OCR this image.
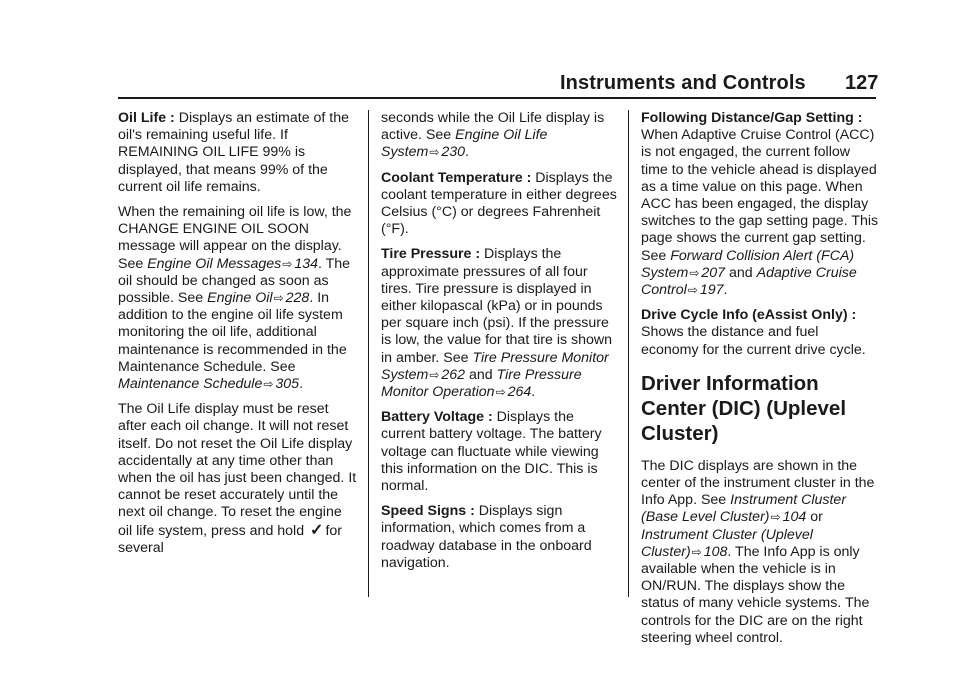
Instruments and Controls 127

Oil Life : Displays an estimate of the oil's remaining useful life. If REMAINING OIL LIFE 99% is displayed, that means 99% of the current oil life remains.

When the remaining oil life is low, the CHANGE ENGINE OIL SOON message will appear on the display. See Engine Oil Messages⇨ 134. The oil should be changed as soon as possible. See Engine Oil⇨ 228. In addition to the engine oil life system monitoring the oil life, additional maintenance is recommended in the Maintenance Schedule. See Maintenance Schedule⇨ 305.

The Oil Life display must be reset after each oil change. It will not reset itself. Do not reset the Oil Life display accidentally at any time other than when the oil has just been changed. It cannot be reset accurately until the next oil change. To reset the engine oil life system, press and hold ✓ for several

seconds while the Oil Life display is active. See Engine Oil Life System⇨ 230.

Coolant Temperature : Displays the coolant temperature in either degrees Celsius (°C) or degrees Fahrenheit (°F).

Tire Pressure : Displays the approximate pressures of all four tires. Tire pressure is displayed in either kilopascal (kPa) or in pounds per square inch (psi). If the pressure is low, the value for that tire is shown in amber. See Tire Pressure Monitor System⇨ 262 and Tire Pressure Monitor Operation⇨ 264.

Battery Voltage : Displays the current battery voltage. The battery voltage can fluctuate while viewing this information on the DIC. This is normal.

Speed Signs : Displays sign information, which comes from a roadway database in the onboard navigation.

Following Distance/Gap Setting : When Adaptive Cruise Control (ACC) is not engaged, the current follow time to the vehicle ahead is displayed as a time value on this page. When ACC has been engaged, the display switches to the gap setting page. This page shows the current gap setting. See Forward Collision Alert (FCA) System⇨ 207 and Adaptive Cruise Control⇨ 197.

Drive Cycle Info (eAssist Only) : Shows the distance and fuel economy for the current drive cycle.

Driver Information Center (DIC) (Uplevel Cluster)

The DIC displays are shown in the center of the instrument cluster in the Info App. See Instrument Cluster (Base Level Cluster)⇨ 104 or Instrument Cluster (Uplevel Cluster)⇨ 108. The Info App is only available when the vehicle is in ON/RUN. The displays show the status of many vehicle systems. The controls for the DIC are on the right steering wheel control.
